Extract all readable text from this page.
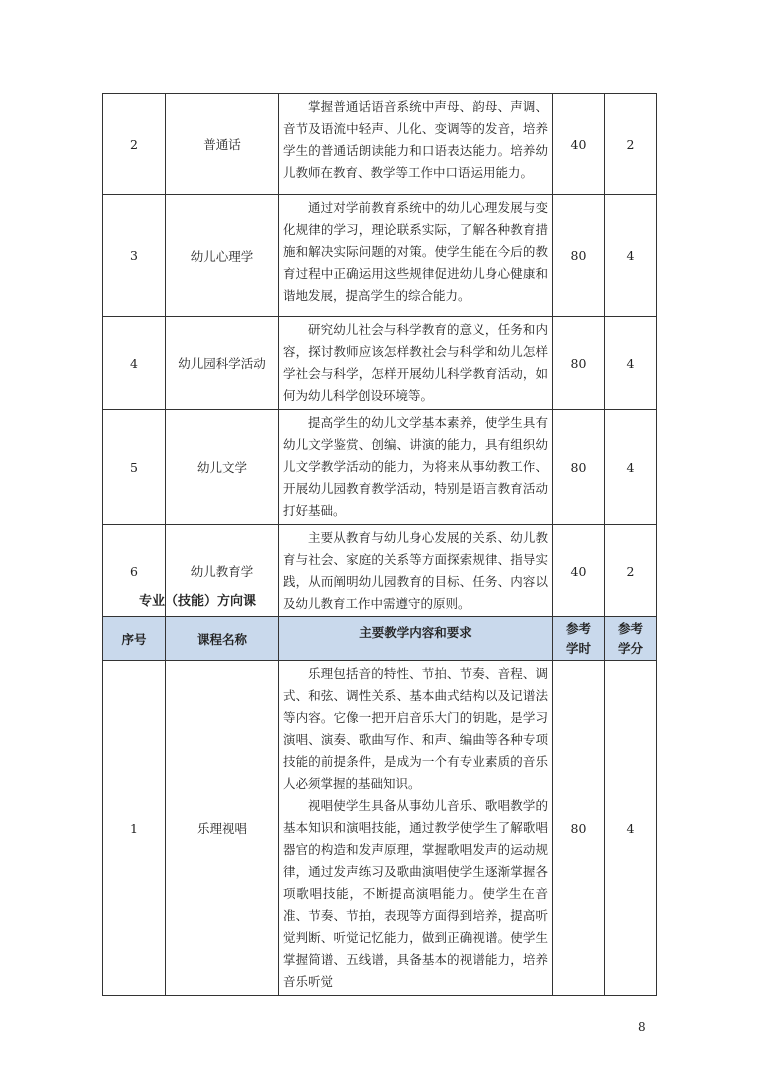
2	普通话	掌握普通话语音系统中声母、韵母、声调、音节及语流中轻声、儿化、变调等的发音，培养学生的普通话朗读能力和口语表达能力。培养幼儿教师在教育、教学等工作中口语运用能力。	40	2
3	幼儿心理学	通过对学前教育系统中的幼儿心理发展与变化规律的学习，理论联系实际，了解各种教育措施和解决实际问题的对策。使学生能在今后的教育过程中正确运用这些规律促进幼儿身心健康和谐地发展，提高学生的综合能力。	80	4
4	幼儿园科学活动	研究幼儿社会与科学教育的意义，任务和内容，探讨教师应该怎样教社会与科学和幼儿怎样学社会与科学，怎样开展幼儿科学教育活动，如何为幼儿科学创设环境等。	80	4
5	幼儿文学	提高学生的幼儿文学基本素养，使学生具有幼儿文学鉴赏、创编、讲演的能力，具有组织幼儿文学教学活动的能力，为将来从事幼教工作、开展幼儿园教育教学活动，特别是语言教育活动打好基础。	80	4
6	幼儿教育学	主要从教育与幼儿身心发展的关系、幼儿教育与社会、家庭的关系等方面探索规律、指导实践，从而阐明幼儿园教育的目标、任务、内容以及幼儿教育工作中需遵守的原则。	40	2
专业（技能）方向课
序号	课程名称	主要教学内容和要求	参考学时	参考学分
1	乐理视唱	乐理包括音的特性、节拍、节奏、音程、调式、和弦、调性关系、基本曲式结构以及记谱法等内容。它像一把开启音乐大门的钥匙，是学习演唱、演奏、歌曲写作、和声、编曲等各种专项技能的前提条件，是成为一个有专业素质的音乐人必须掌握的基础知识。

视唱使学生具备从事幼儿音乐、歌唱教学的基本知识和演唱技能，通过教学使学生了解歌唱器官的构造和发声原理，掌握歌唱发声的运动规律，通过发声练习及歌曲演唱使学生逐渐掌握各项歌唱技能，不断提高演唱能力。使学生在音准、节奏、节拍，表现等方面得到培养，提高听觉判断、听觉记忆能力，做到正确视谱。使学生掌握简谱、五线谱，具备基本的视谱能力，培养音乐听觉	80	4
8
